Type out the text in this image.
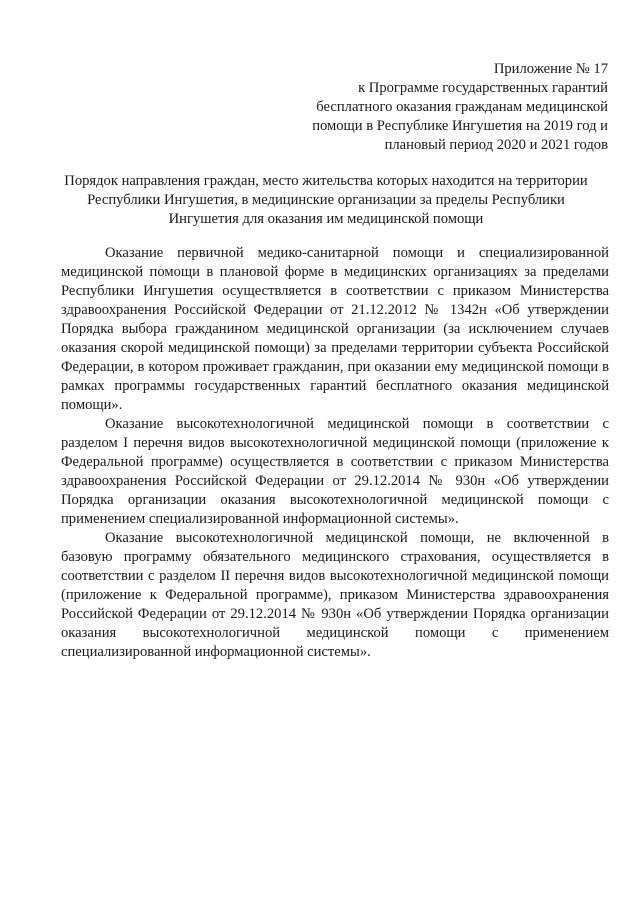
Приложение № 17
к Программе государственных гарантий
бесплатного оказания гражданам медицинской
помощи в Республике Ингушетия на 2019 год и
плановый период 2020 и 2021 годов
Порядок направления граждан, место жительства которых находится на территории Республики Ингушетия, в медицинские организации за пределы Республики Ингушетия для оказания им медицинской помощи

Оказание первичной медико-санитарной помощи и специализированной медицинской помощи в плановой форме в медицинских организациях за пределами Республики Ингушетия осуществляется в соответствии с приказом Министерства здравоохранения Российской Федерации от 21.12.2012 № 1342н «Об утверждении Порядка выбора гражданином медицинской организации (за исключением случаев оказания скорой медицинской помощи) за пределами территории субъекта Российской Федерации, в котором проживает гражданин, при оказании ему медицинской помощи в рамках программы государственных гарантий бесплатного оказания медицинской помощи».

Оказание высокотехнологичной медицинской помощи в соответствии с разделом I перечня видов высокотехнологичной медицинской помощи (приложение к Федеральной программе) осуществляется в соответствии с приказом Министерства здравоохранения Российской Федерации от 29.12.2014 № 930н «Об утверждении Порядка организации оказания высокотехнологичной медицинской помощи с применением специализированной информационной системы».

Оказание высокотехнологичной медицинской помощи, не включенной в базовую программу обязательного медицинского страхования, осуществляется в соответствии с разделом II перечня видов высокотехнологичной медицинской помощи (приложение к Федеральной программе), приказом Министерства здравоохранения Российской Федерации от 29.12.2014 № 930н «Об утверждении Порядка организации оказания высокотехнологичной медицинской помощи с применением специализированной информационной системы».
